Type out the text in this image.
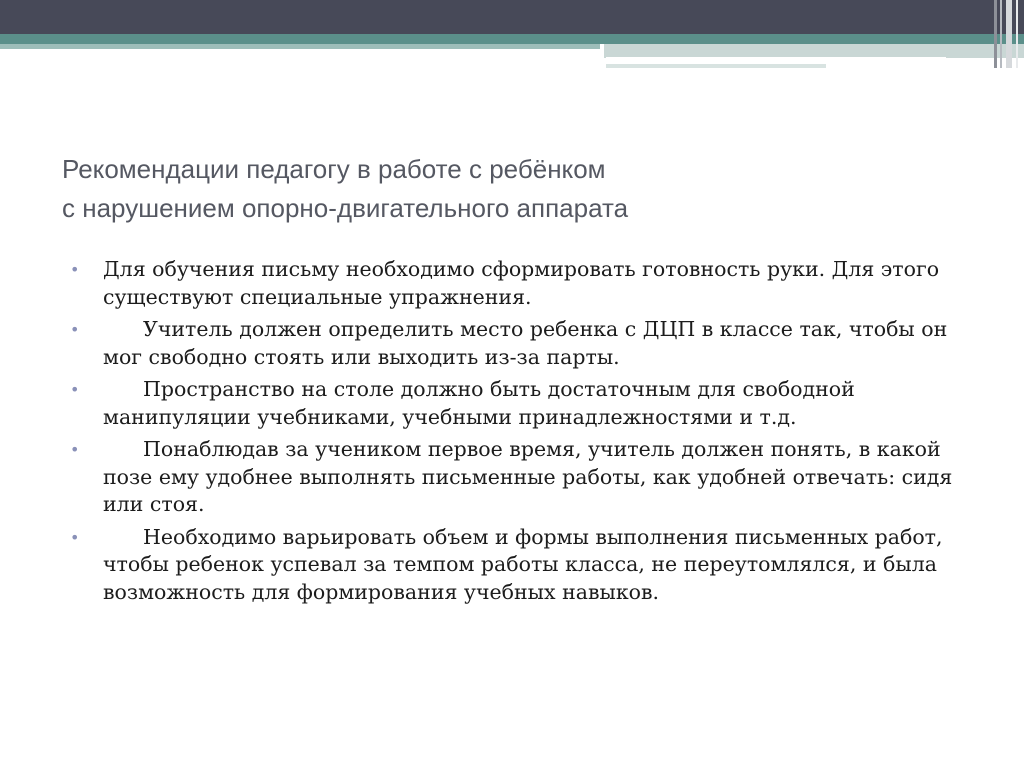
Рекомендации педагогу в работе с ребёнком
с нарушением опорно-двигательного аппарата
• Для обучения письму необходимо сформировать готовность руки. Для этого существуют специальные упражнения.
•	Учитель должен определить место ребенка с ДЦП в классе так, чтобы он мог свободно стоять или выходить из-за парты.
•	Пространство на столе должно быть достаточным для свободной манипуляции учебниками, учебными принадлежностями и т.д.
•	Понаблюдав за учеником первое время, учитель должен понять, в какой позе ему удобнее выполнять письменные работы, как удобней отвечать: сидя или стоя.
•	Необходимо варьировать объем и формы выполнения письменных работ, чтобы ребенок успевал за темпом работы класса, не переутомлялся, и была возможность для формирования учебных навыков.
